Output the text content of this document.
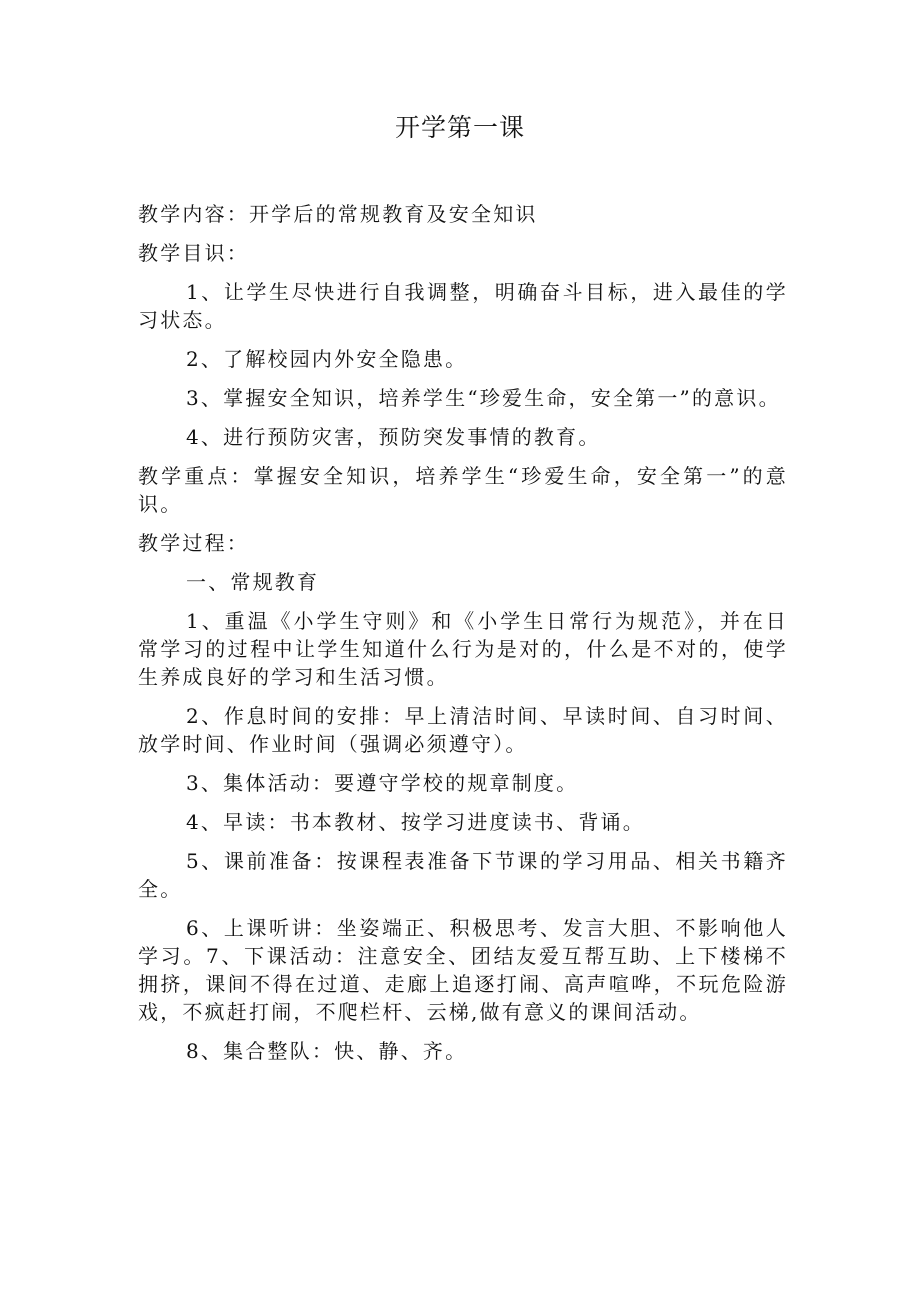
开学第一课

教学内容：开学后的常规教育及安全知识

教学目识：

1、让学生尽快进行自我调整，明确奋斗目标，进入最佳的学习状态。

2、了解校园内外安全隐患。

3、掌握安全知识，培养学生“珍爱生命，安全第一”的意识。

4、进行预防灾害，预防突发事情的教育。

教学重点：掌握安全知识，培养学生“珍爱生命，安全第一”的意识。

教学过程：

一、常规教育

1、重温《小学生守则》和《小学生日常行为规范》，并在日常学习的过程中让学生知道什么行为是对的，什么是不对的，使学生养成良好的学习和生活习惯。

2、作息时间的安排：早上清洁时间、早读时间、自习时间、放学时间、作业时间（强调必须遵守）。

3、集体活动：要遵守学校的规章制度。

4、早读：书本教材、按学习进度读书、背诵。

5、课前准备：按课程表准备下节课的学习用品、相关书籍齐全。

6、上课听讲：坐姿端正、积极思考、发言大胆、不影响他人学习。7、下课活动：注意安全、团结友爱互帮互助、上下楼梯不拥挤，课间不得在过道、走廊上追逐打闹、高声喧哗，不玩危险游戏，不疯赶打闹，不爬栏杆、云梯,做有意义的课间活动。

8、集合整队：快、静、齐。
